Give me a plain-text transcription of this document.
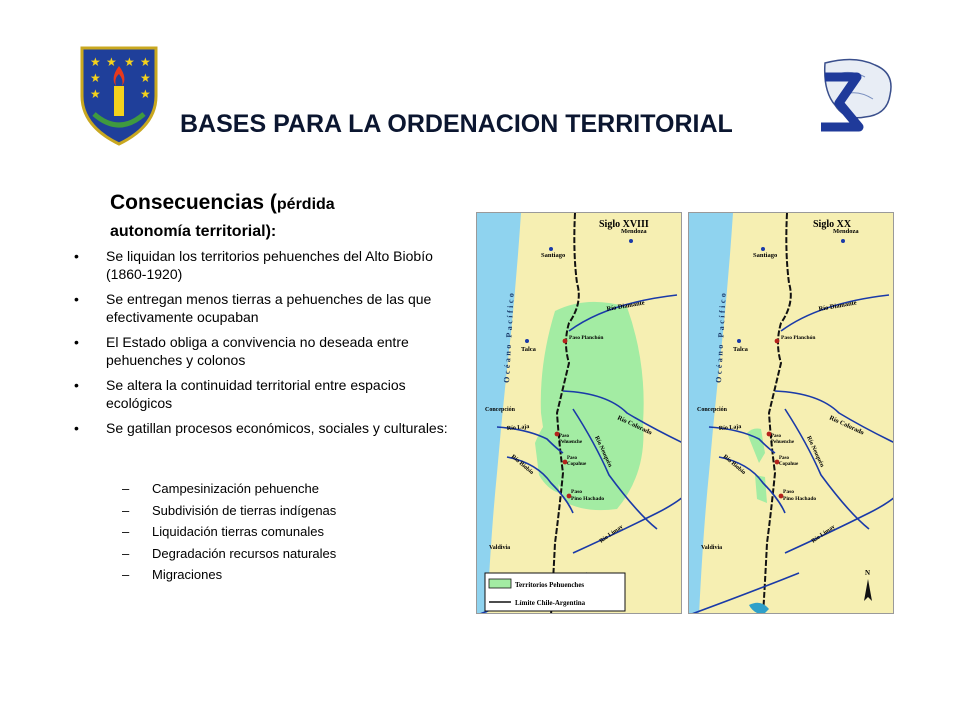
★ ★ ★ ★
★	★
★	★
BASES PARA LA ORDENACION TERRITORIAL
Consecuencias (pérdida
autonomía territorial):
• Se liquidan los territorios pehuenches del Alto Biobío (1860-1920)
• Se entregan menos tierras a pehuenches de las que efectivamente ocupaban
• El Estado obliga a convivencia no deseada entre pehuenches y colonos
• Se altera la continuidad territorial entre espacios ecológicos
• Se gatillan procesos económicos, sociales y culturales:
– Campesinización pehuenche
– Subdivisión de tierras indígenas
– Liquidación tierras comunales
– Degradación recursos naturales
– Migraciones
Siglo XVIII
Santiago
Mendoza
Talca
Concepción
Valdivia
Paso Planchón
Paso
Pehuenche
Paso
Copahue
Paso
Pino Hachado
Río Diamante
Río Colorado
Río Laja
Río Biobío	Río Neuquén
Río Limay
Océano Pacífico
Territorios Pehuenches
Límite Chile-Argentina
Siglo XX
Santiago
Mendoza
Talca
Concepción
Valdivia
Paso Planchón
Paso
Pehuenche
Paso
Copahue
Paso
Pino Hachado
Río Diamante
Río Colorado
Río Laja
Río Biobío	Río Neuquén
Río Limay
Océano Pacífico
N
